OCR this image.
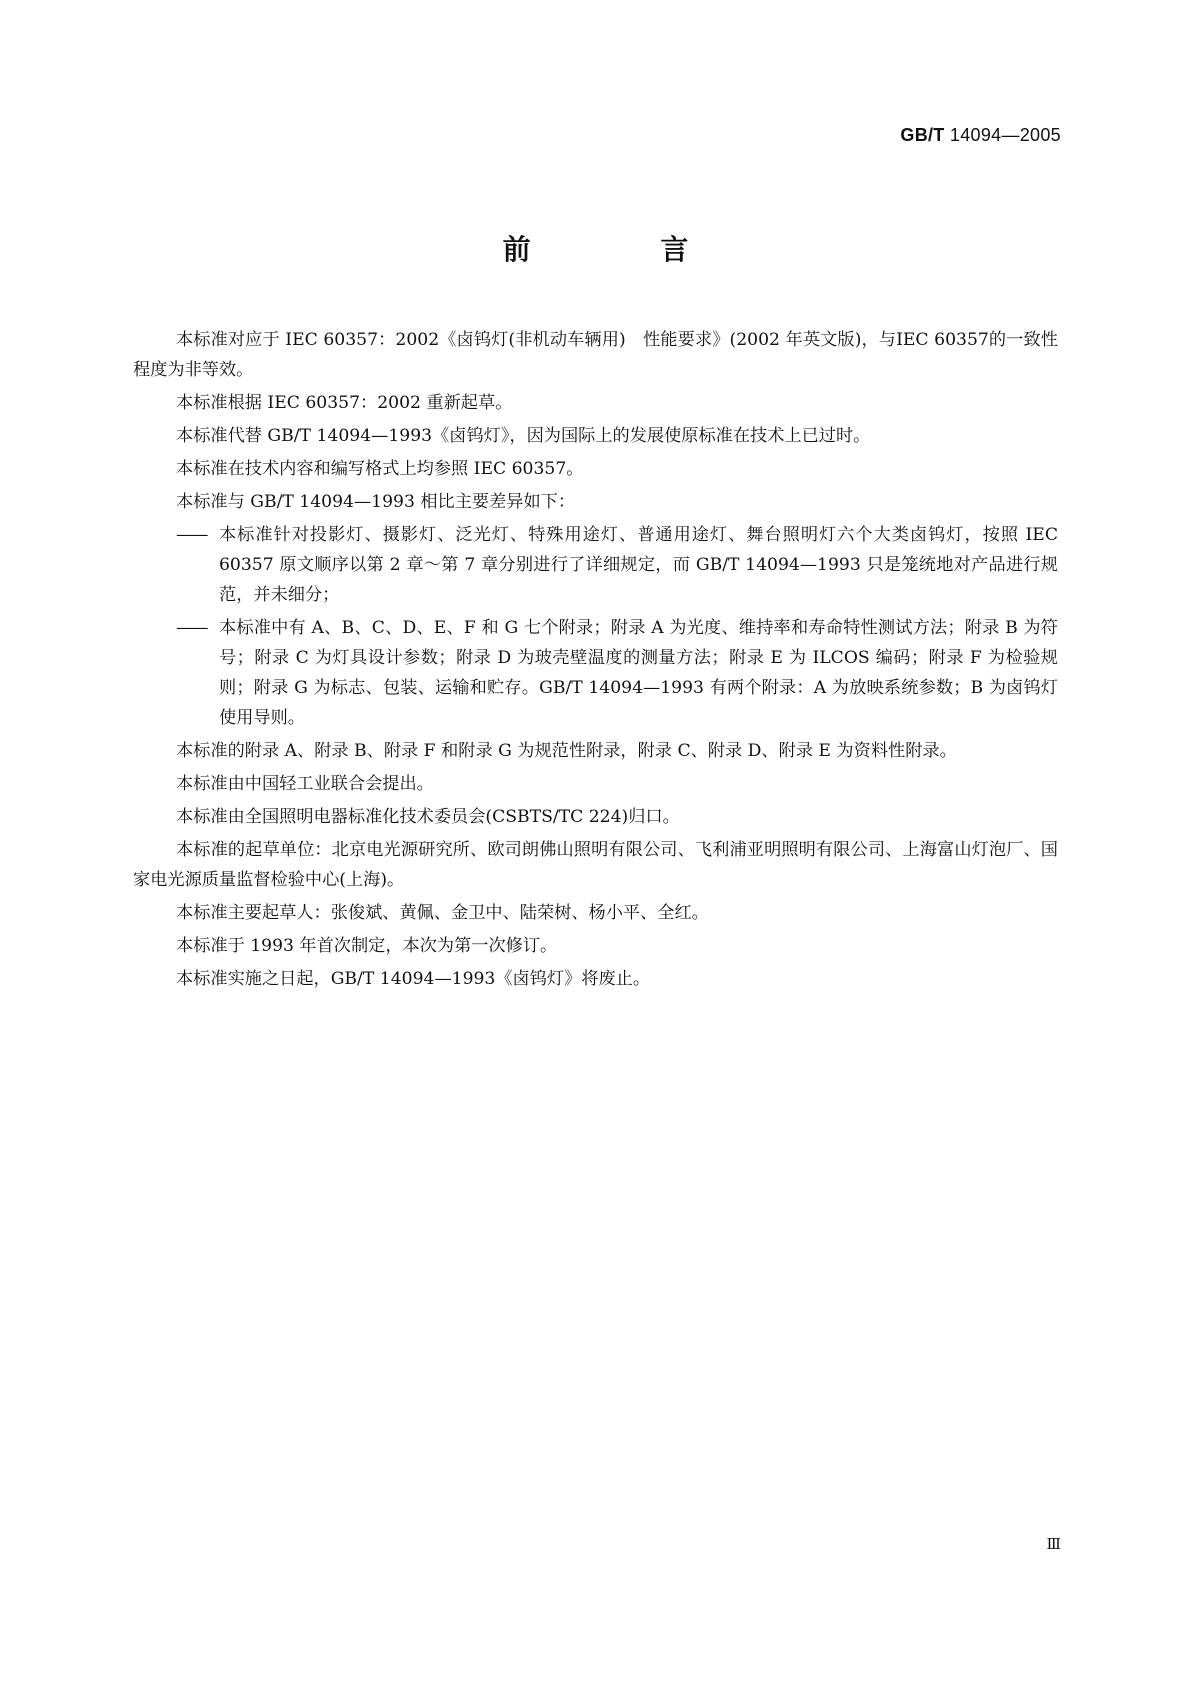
GB/T 14094—2005
前 言

本标准对应于 IEC 60357：2002《卤钨灯(非机动车辆用)　性能要求》(2002 年英文版)，与IEC 60357的一致性程度为非等效。

本标准根据 IEC 60357：2002 重新起草。

本标准代替 GB/T 14094—1993《卤钨灯》，因为国际上的发展使原标准在技术上已过时。

本标准在技术内容和编写格式上均参照 IEC 60357。

本标准与 GB/T 14094—1993 相比主要差异如下：

—— 本标准针对投影灯、摄影灯、泛光灯、特殊用途灯、普通用途灯、舞台照明灯六个大类卤钨灯，按照 IEC 60357 原文顺序以第 2 章～第 7 章分别进行了详细规定，而 GB/T 14094—1993 只是笼统地对产品进行规范，并未细分；
—— 本标准中有 A、B、C、D、E、F 和 G 七个附录；附录 A 为光度、维持率和寿命特性测试方法；附录 B 为符号；附录 C 为灯具设计参数；附录 D 为玻壳壁温度的测量方法；附录 E 为 ILCOS 编码；附录 F 为检验规则；附录 G 为标志、包装、运输和贮存。GB/T 14094—1993 有两个附录：A 为放映系统参数；B 为卤钨灯使用导则。

本标准的附录 A、附录 B、附录 F 和附录 G 为规范性附录，附录 C、附录 D、附录 E 为资料性附录。

本标准由中国轻工业联合会提出。

本标准由全国照明电器标准化技术委员会(CSBTS/TC 224)归口。

本标准的起草单位：北京电光源研究所、欧司朗佛山照明有限公司、飞利浦亚明照明有限公司、上海富山灯泡厂、国家电光源质量监督检验中心(上海)。

本标准主要起草人：张俊斌、黄佩、金卫中、陆荣树、杨小平、全红。

本标准于 1993 年首次制定，本次为第一次修订。

本标准实施之日起，GB/T 14094—1993《卤钨灯》将废止。

Ⅲ
